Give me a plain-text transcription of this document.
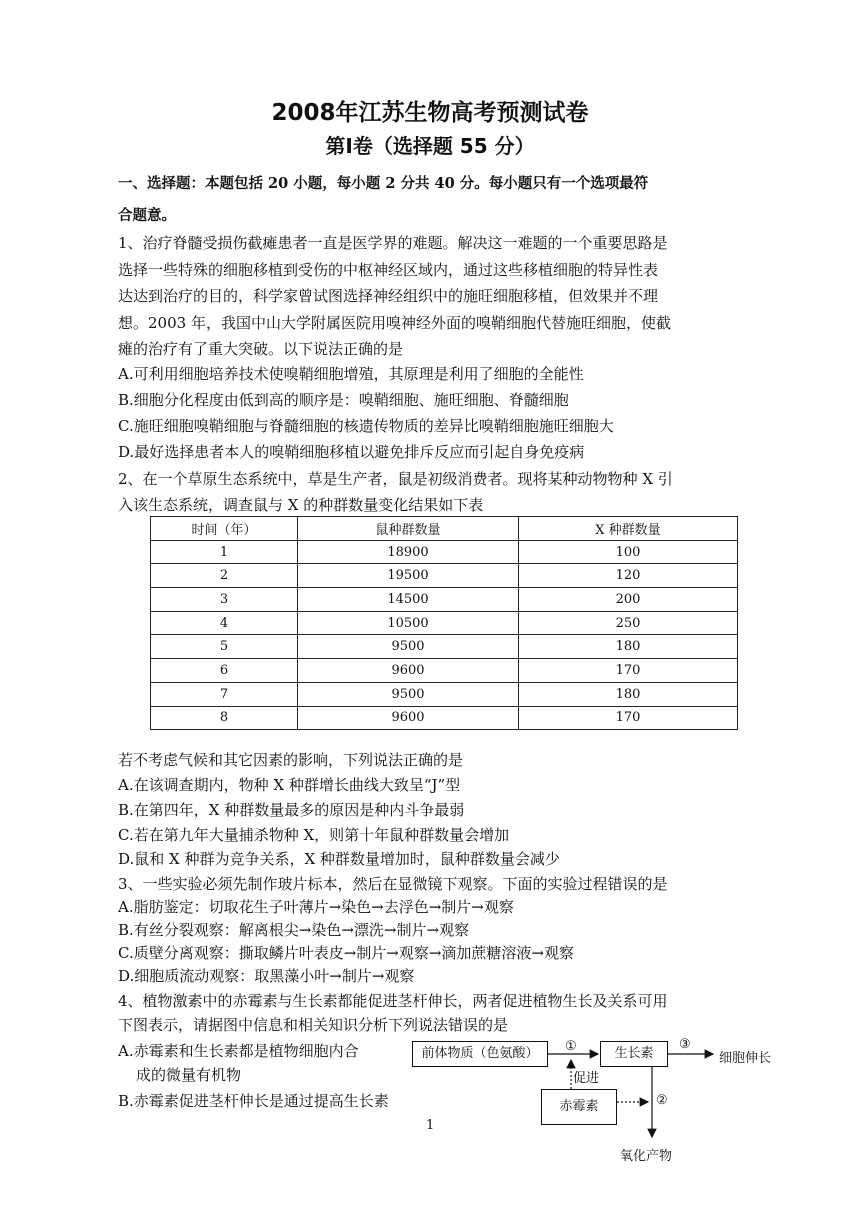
2008年江苏生物高考预测试卷
第Ⅰ卷（选择题 55 分）
一、选择题：本题包括 20 小题，每小题 2 分共 40 分。每小题只有一个选项最符
合题意。
1、治疗脊髓受损伤截瘫患者一直是医学界的难题。解决这一难题的一个重要思路是
选择一些特殊的细胞移植到受伤的中枢神经区域内，通过这些移植细胞的特异性表
达达到治疗的目的，科学家曾试图选择神经组织中的施旺细胞移植，但效果并不理
想。2003 年，我国中山大学附属医院用嗅神经外面的嗅鞘细胞代替施旺细胞，使截
瘫的治疗有了重大突破。以下说法正确的是
A.可利用细胞培养技术使嗅鞘细胞增殖，其原理是利用了细胞的全能性
B.细胞分化程度由低到高的顺序是：嗅鞘细胞、施旺细胞、脊髓细胞
C.施旺细胞嗅鞘细胞与脊髓细胞的核遗传物质的差异比嗅鞘细胞施旺细胞大
D.最好选择患者本人的嗅鞘细胞移植以避免排斥反应而引起自身免疫病
2、在一个草原生态系统中，草是生产者，鼠是初级消费者。现将某种动物物种 X 引
入该生态系统，调查鼠与 X 的种群数量变化结果如下表
时间（年）	鼠种群数量	X 种群数量
1	18900	100
2	19500	120
3	14500	200
4	10500	250
5	9500	180
6	9600	170
7	9500	180
8	9600	170
若不考虑气候和其它因素的影响，下列说法正确的是
A.在该调查期内，物种 X 种群增长曲线大致呈“J”型
B.在第四年，X 种群数量最多的原因是种内斗争最弱
C.若在第九年大量捕杀物种 X，则第十年鼠种群数量会增加
D.鼠和 X 种群为竞争关系，X 种群数量增加时，鼠种群数量会减少
3、一些实验必须先制作玻片标本，然后在显微镜下观察。下面的实验过程错误的是
A.脂肪鉴定：切取花生子叶薄片→染色→去浮色→制片→观察
B.有丝分裂观察：解离根尖→染色→漂洗→制片→观察
C.质壁分离观察：撕取鳞片叶表皮→制片→观察→滴加蔗糖溶液→观察
D.细胞质流动观察：取黑藻小叶→制片→观察
4、植物激素中的赤霉素与生长素都能促进茎杆伸长，两者促进植物生长及关系可用
下图表示，请据图中信息和相关知识分析下列说法错误的是
A.赤霉素和生长素都是植物细胞内合
成的微量有机物
B.赤霉素促进茎杆伸长是通过提高生长素
前体物质（色氨酸）	生长素
赤霉素
①	③
细胞伸长
促进
②
氧化产物
1
